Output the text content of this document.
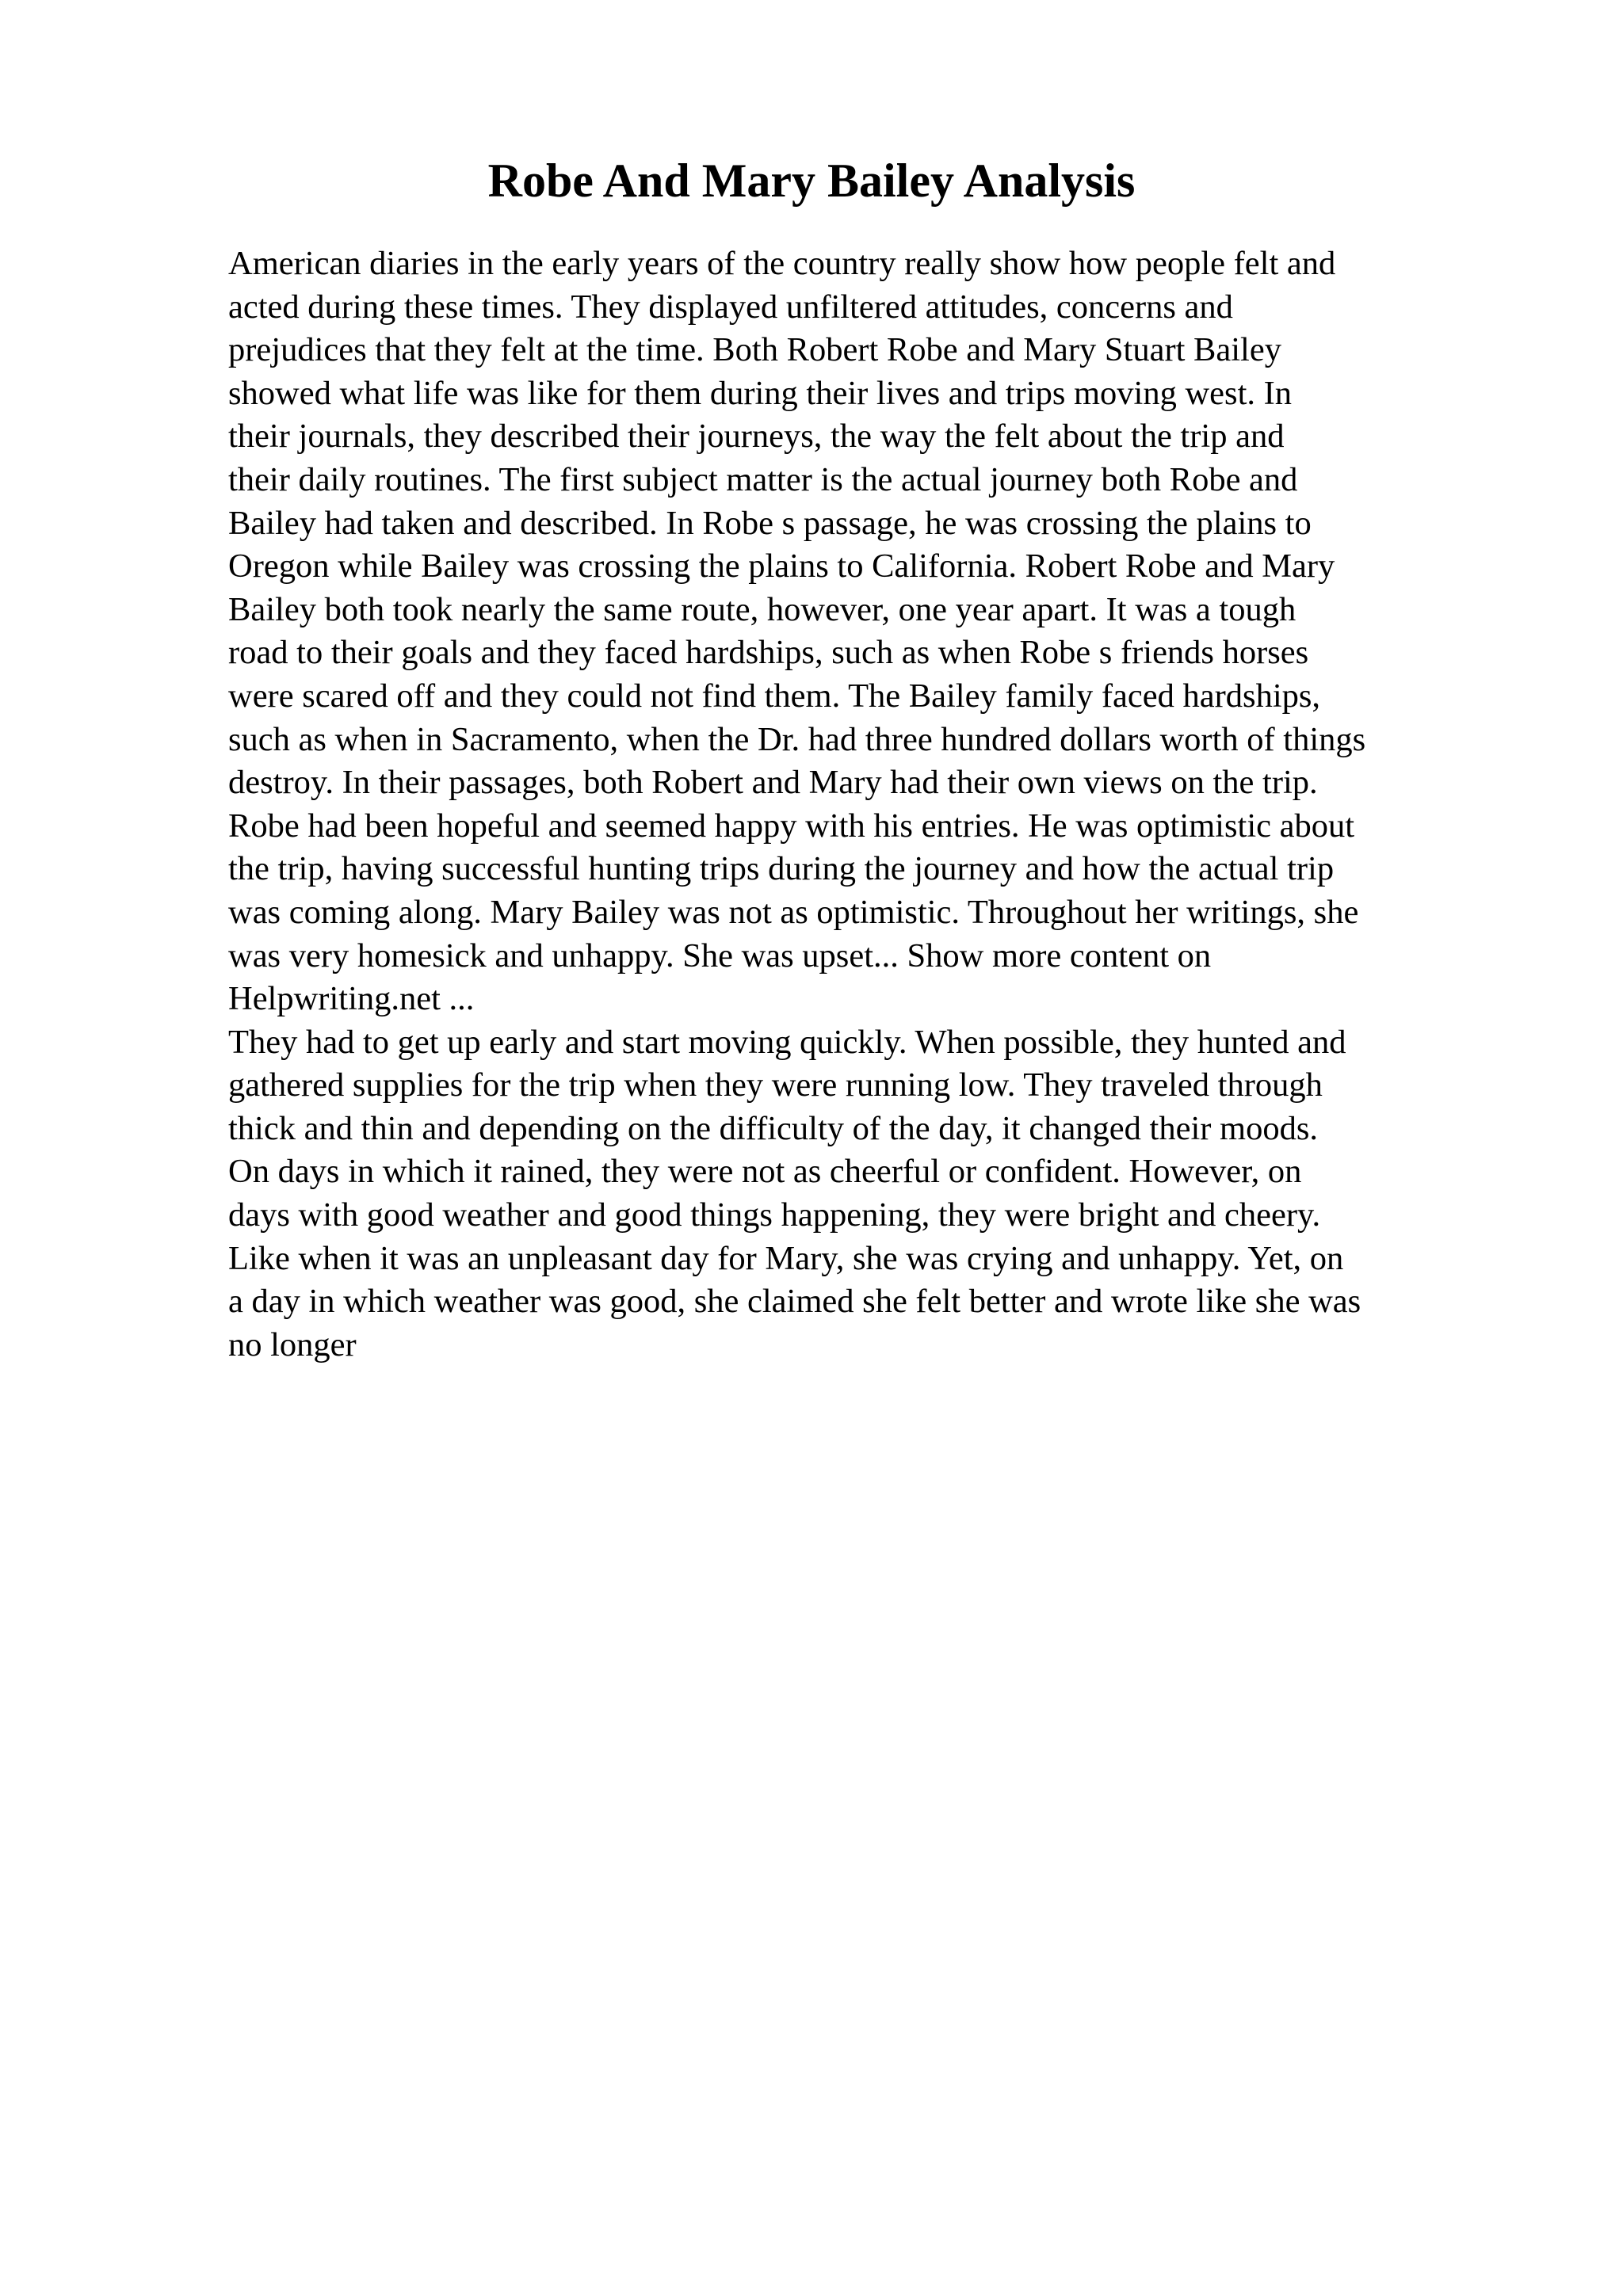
Robe And Mary Bailey Analysis
American diaries in the early years of the country really show how people felt and
acted during these times. They displayed unfiltered attitudes, concerns and
prejudices that they felt at the time. Both Robert Robe and Mary Stuart Bailey
showed what life was like for them during their lives and trips moving west. In
their journals, they described their journeys, the way the felt about the trip and
their daily routines. The first subject matter is the actual journey both Robe and
Bailey had taken and described. In Robe s passage, he was crossing the plains to
Oregon while Bailey was crossing the plains to California. Robert Robe and Mary
Bailey both took nearly the same route, however, one year apart. It was a tough
road to their goals and they faced hardships, such as when Robe s friends horses
were scared off and they could not find them. The Bailey family faced hardships,
such as when in Sacramento, when the Dr. had three hundred dollars worth of things
destroy. In their passages, both Robert and Mary had their own views on the trip.
Robe had been hopeful and seemed happy with his entries. He was optimistic about
the trip, having successful hunting trips during the journey and how the actual trip
was coming along. Mary Bailey was not as optimistic. Throughout her writings, she
was very homesick and unhappy. She was upset... Show more content on
Helpwriting.net ...
They had to get up early and start moving quickly. When possible, they hunted and
gathered supplies for the trip when they were running low. They traveled through
thick and thin and depending on the difficulty of the day, it changed their moods.
On days in which it rained, they were not as cheerful or confident. However, on
days with good weather and good things happening, they were bright and cheery.
Like when it was an unpleasant day for Mary, she was crying and unhappy. Yet, on
a day in which weather was good, she claimed she felt better and wrote like she was
no longer
